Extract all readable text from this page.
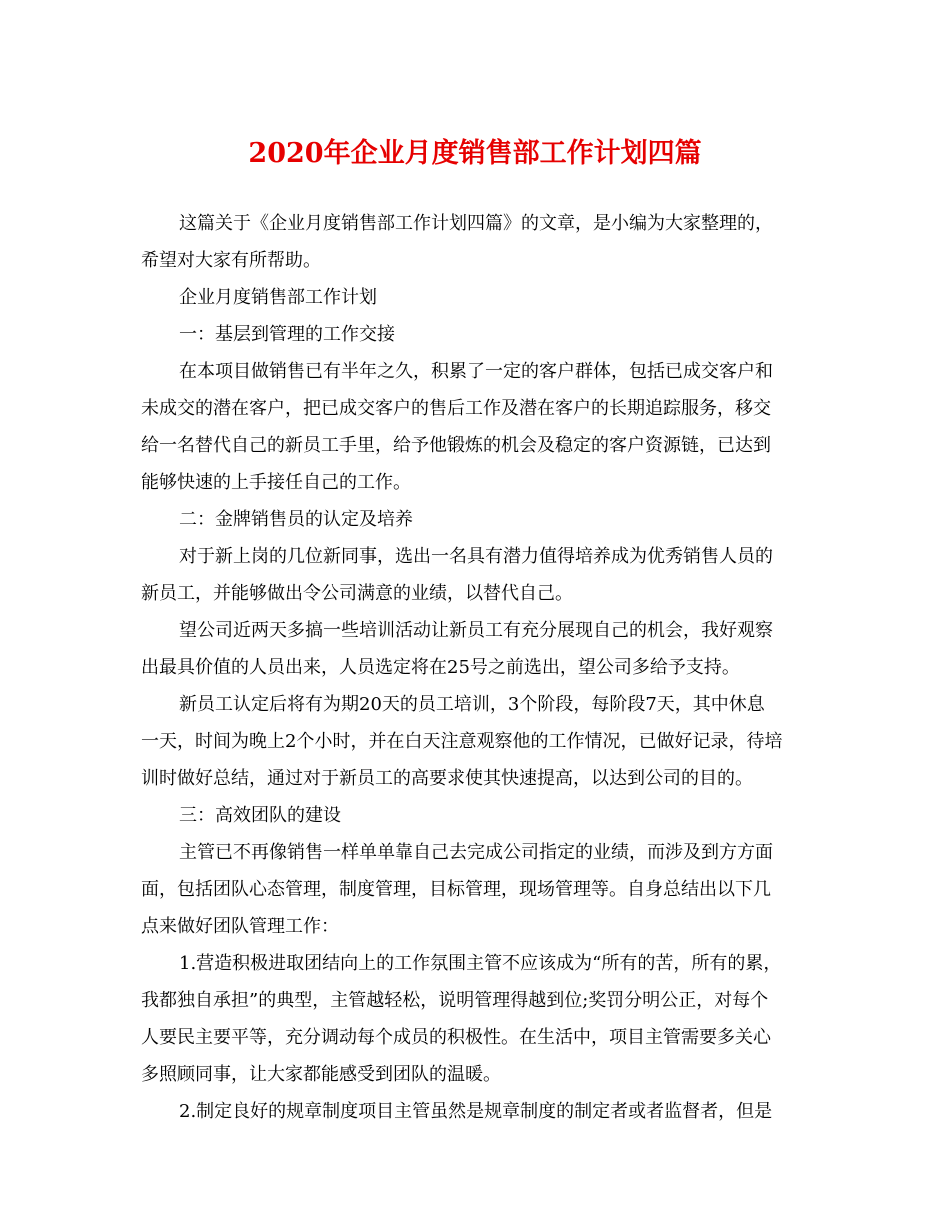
2020年企业月度销售部工作计划四篇
这篇关于《企业月度销售部工作计划四篇》的文章，是小编为大家整理的，
希望对大家有所帮助。
企业月度销售部工作计划
一：基层到管理的工作交接
在本项目做销售已有半年之久，积累了一定的客户群体，包括已成交客户和
未成交的潜在客户，把已成交客户的售后工作及潜在客户的长期追踪服务，移交
给一名替代自己的新员工手里，给予他锻炼的机会及稳定的客户资源链，已达到
能够快速的上手接任自己的工作。
二：金牌销售员的认定及培养
对于新上岗的几位新同事，选出一名具有潜力值得培养成为优秀销售人员的
新员工，并能够做出令公司满意的业绩，以替代自己。
望公司近两天多搞一些培训活动让新员工有充分展现自己的机会，我好观察
出最具价值的人员出来，人员选定将在25号之前选出，望公司多给予支持。
新员工认定后将有为期20天的员工培训，3个阶段，每阶段7天，其中休息
一天，时间为晚上2个小时，并在白天注意观察他的工作情况，已做好记录，待培
训时做好总结，通过对于新员工的高要求使其快速提高，以达到公司的目的。
三：高效团队的建设
主管已不再像销售一样单单靠自己去完成公司指定的业绩，而涉及到方方面
面，包括团队心态管理，制度管理，目标管理，现场管理等。自身总结出以下几
点来做好团队管理工作：
1.营造积极进取团结向上的工作氛围主管不应该成为“所有的苦，所有的累，
我都独自承担”的典型，主管越轻松，说明管理得越到位;奖罚分明公正，对每个
人要民主要平等，充分调动每个成员的积极性。在生活中，项目主管需要多关心
多照顾同事，让大家都能感受到团队的温暖。
2.制定良好的规章制度项目主管虽然是规章制度的制定者或者监督者，但是
